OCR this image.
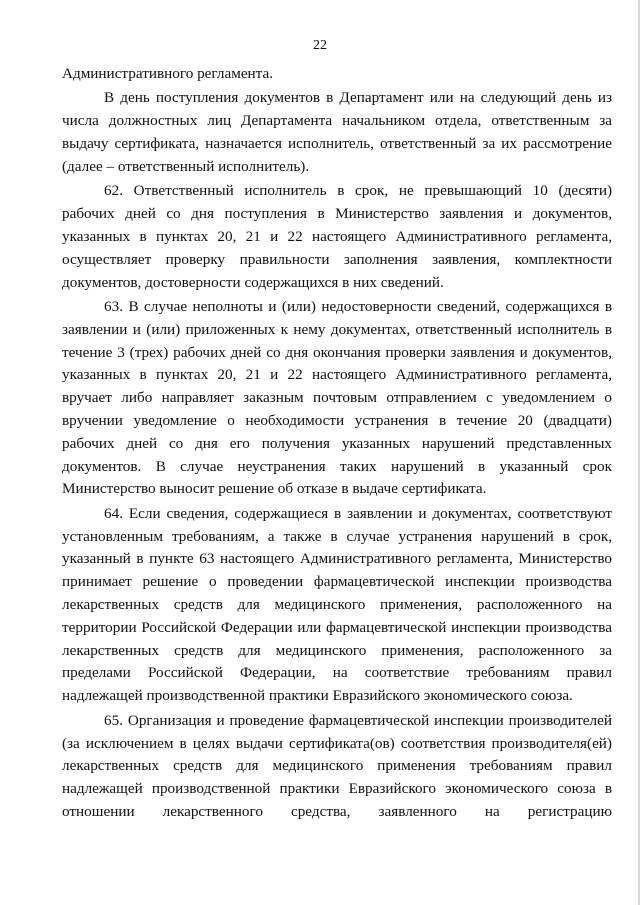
22

Административного регламента.

В день поступления документов в Департамент или на следующий день из числа должностных лиц Департамента начальником отдела, ответственным за выдачу сертификата, назначается исполнитель, ответственный за их рассмотрение (далее – ответственный исполнитель).

62. Ответственный исполнитель в срок, не превышающий 10 (десяти) рабочих дней со дня поступления в Министерство заявления и документов, указанных в пунктах 20, 21 и 22 настоящего Административного регламента, осуществляет проверку правильности заполнения заявления, комплектности документов, достоверности содержащихся в них сведений.

63. В случае неполноты и (или) недостоверности сведений, содержащихся в заявлении и (или) приложенных к нему документах, ответственный исполнитель в течение 3 (трех) рабочих дней со дня окончания проверки заявления и документов, указанных в пунктах 20, 21 и 22 настоящего Административного регламента, вручает либо направляет заказным почтовым отправлением с уведомлением о вручении уведомление о необходимости устранения в течение 20 (двадцати) рабочих дней со дня его получения указанных нарушений представленных документов. В случае неустранения таких нарушений в указанный срок Министерство выносит решение об отказе в выдаче сертификата.

64. Если сведения, содержащиеся в заявлении и документах, соответствуют установленным требованиям, а также в случае устранения нарушений в срок, указанный в пункте 63 настоящего Административного регламента, Министерство принимает решение о проведении фармацевтической инспекции производства лекарственных средств для медицинского применения, расположенного на территории Российской Федерации или фармацевтической инспекции производства лекарственных средств для медицинского применения, расположенного за пределами Российской Федерации, на соответствие требованиям правил надлежащей производственной практики Евразийского экономического союза.

65. Организация и проведение фармацевтической инспекции производителей (за исключением в целях выдачи сертификата(ов) соответствия производителя(ей) лекарственных средств для медицинского применения требованиям правил надлежащей производственной практики Евразийского экономического союза в отношении лекарственного средства, заявленного на регистрацию
